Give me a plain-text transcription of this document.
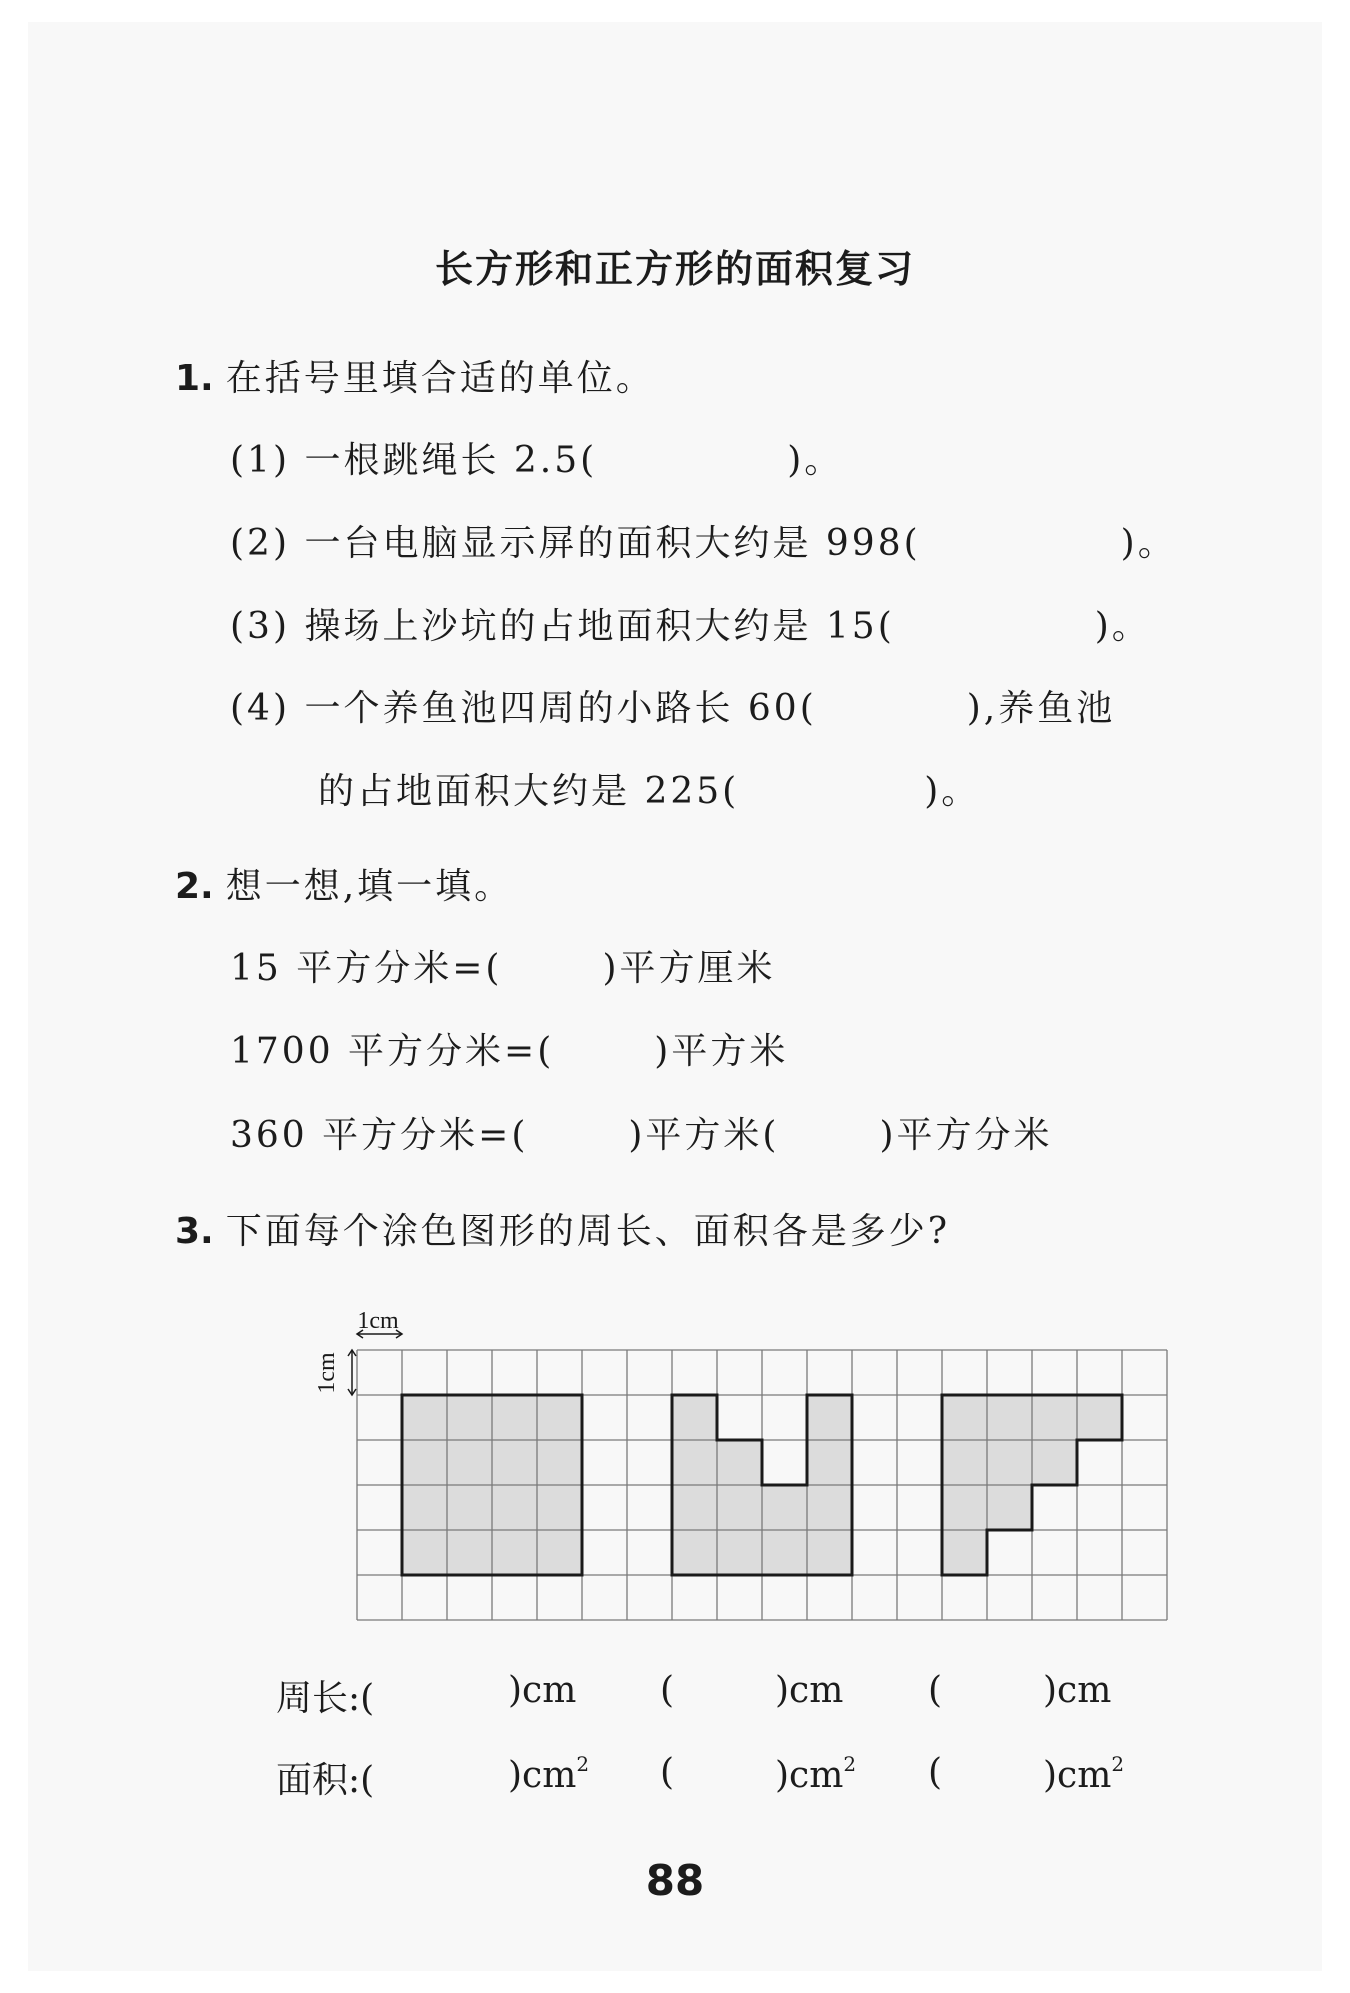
长方形和正方形的面积复习
1. 在括号里填合适的单位。
(1) 一根跳绳长 2.5(	)。
(2) 一台电脑显示屏的面积大约是 998(	)。
(3) 操场上沙坑的占地面积大约是 15(	)。
(4) 一个养鱼池四周的小路长 60(	),养鱼池
的占地面积大约是 225(	)。
2. 想一想,填一填。
15 平方分米=(	)平方厘米
1700 平方分米=(	)平方米
360 平方分米=(	)平方米(	)平方分米
3. 下面每个涂色图形的周长、面积各是多少?
1cm
1cm
周长:(	)cm (	)cm (	)cm
面积:(	)$cm^2$ (	)$cm^2$ (	)$cm^2$
88
